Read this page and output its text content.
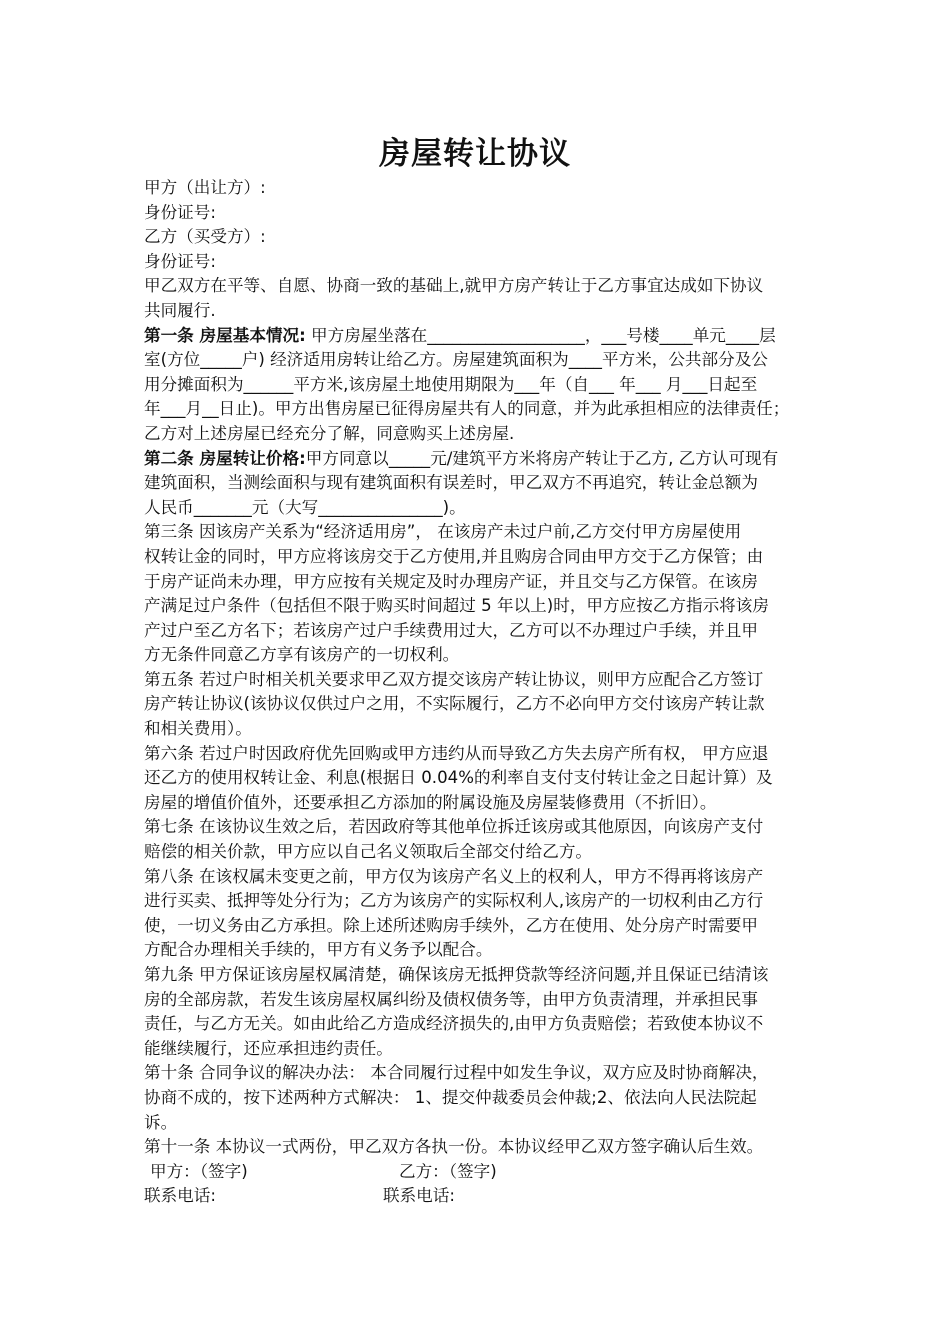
房屋转让协议
甲方（出让方）:
身份证号:
乙方（买受方）:
身份证号:
甲乙双方在平等、自愿、协商一致的基础上,就甲方房产转让于乙方事宜达成如下协议
共同履行.
第一条 房屋基本情况: 甲方房屋坐落在___________________，___号楼____单元____层
室(方位_____户) 经济适用房转让给乙方。房屋建筑面积为____平方米，公共部分及公
用分摊面积为______平方米,该房屋土地使用期限为___年（自___ 年___ 月___日起至
年___月__日止)。甲方出售房屋已征得房屋共有人的同意，并为此承担相应的法律责任；
乙方对上述房屋已经充分了解，同意购买上述房屋.
第二条 房屋转让价格:甲方同意以_____元/建筑平方米将房产转让于乙方, 乙方认可现有
建筑面积，当测绘面积与现有建筑面积有误差时，甲乙双方不再追究，转让金总额为
人民币_______元（大写_______________)。
第三条 因该房产关系为“经济适用房”， 在该房产未过户前,乙方交付甲方房屋使用
权转让金的同时，甲方应将该房交于乙方使用,并且购房合同由甲方交于乙方保管；由
于房产证尚未办理，甲方应按有关规定及时办理房产证，并且交与乙方保管。在该房
产满足过户条件（包括但不限于购买时间超过 5 年以上)时，甲方应按乙方指示将该房
产过户至乙方名下；若该房产过户手续费用过大，乙方可以不办理过户手续，并且甲
方无条件同意乙方享有该房产的一切权利。
第五条 若过户时相关机关要求甲乙双方提交该房产转让协议，则甲方应配合乙方签订
房产转让协议(该协议仅供过户之用，不实际履行，乙方不必向甲方交付该房产转让款
和相关费用）。
第六条 若过户时因政府优先回购或甲方违约从而导致乙方失去房产所有权， 甲方应退
还乙方的使用权转让金、利息(根据日 0.04%的利率自支付支付转让金之日起计算）及
房屋的增值价值外，还要承担乙方添加的附属设施及房屋装修费用（不折旧）。
第七条 在该协议生效之后，若因政府等其他单位拆迁该房或其他原因，向该房产支付
赔偿的相关价款，甲方应以自己名义领取后全部交付给乙方。
第八条 在该权属未变更之前，甲方仅为该房产名义上的权利人，甲方不得再将该房产
进行买卖、抵押等处分行为；乙方为该房产的实际权利人,该房产的一切权利由乙方行
使，一切义务由乙方承担。除上述所述购房手续外，乙方在使用、处分房产时需要甲
方配合办理相关手续的，甲方有义务予以配合。
第九条 甲方保证该房屋权属清楚，确保该房无抵押贷款等经济问题,并且保证已结清该
房的全部房款，若发生该房屋权属纠纷及债权债务等，由甲方负责清理，并承担民事
责任，与乙方无关。如由此给乙方造成经济损失的,由甲方负责赔偿；若致使本协议不
能继续履行，还应承担违约责任。
第十条 合同争议的解决办法： 本合同履行过程中如发生争议，双方应及时协商解决，
协商不成的，按下述两种方式解决： 1、提交仲裁委员会仲裁;2、依法向人民法院起
诉。
第十一条 本协议一式两份，甲乙双方各执一份。本协议经甲乙双方签字确认后生效。
甲方：（签字)	乙方：（签字)
联系电话:	联系电话:
